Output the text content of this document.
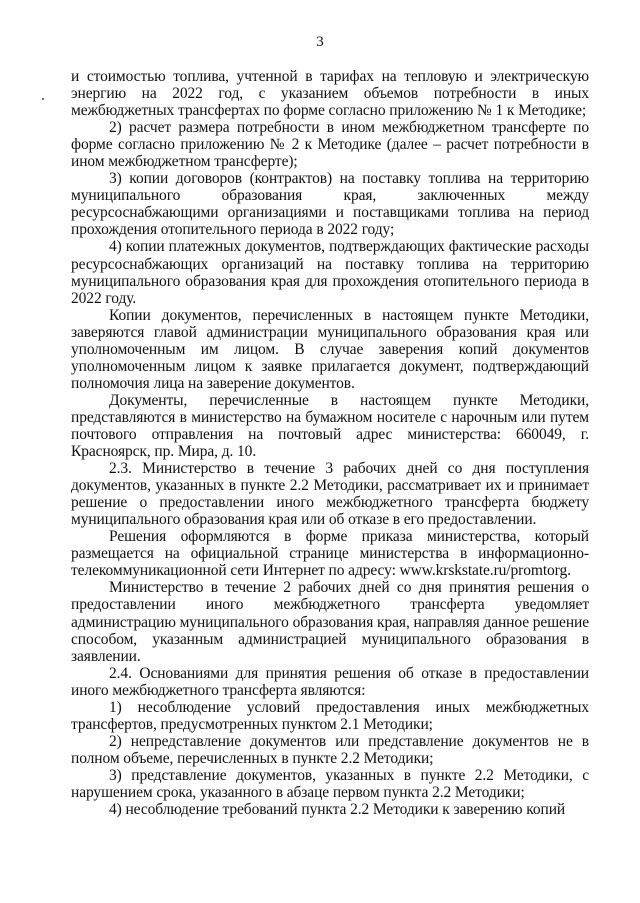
3

и стоимостью топлива, учтенной в тарифах на тепловую и электрическую энергию на 2022 год, с указанием объемов потребности в иных межбюджетных трансфертах по форме согласно приложению № 1 к Методике;

2) расчет размера потребности в ином межбюджетном трансферте по форме согласно приложению № 2 к Методике (далее – расчет потребности в ином межбюджетном трансферте);

3) копии договоров (контрактов) на поставку топлива на территорию муниципального образования края, заключенных между ресурсоснабжающими организациями и поставщиками топлива на период прохождения отопительного периода в 2022 году;

4) копии платежных документов, подтверждающих фактические расходы ресурсоснабжающих организаций на поставку топлива на территорию муниципального образования края для прохождения отопительного периода в 2022 году.

Копии документов, перечисленных в настоящем пункте Методики, заверяются главой администрации муниципального образования края или уполномоченным им лицом. В случае заверения копий документов уполномоченным лицом к заявке прилагается документ, подтверждающий полномочия лица на заверение документов.

Документы, перечисленные в настоящем пункте Методики, представляются в министерство на бумажном носителе с нарочным или путем почтового отправления на почтовый адрес министерства: 660049, г. Красноярск, пр. Мира, д. 10.

2.3. Министерство в течение 3 рабочих дней со дня поступления документов, указанных в пункте 2.2 Методики, рассматривает их и принимает решение о предоставлении иного межбюджетного трансферта бюджету муниципального образования края или об отказе в его предоставлении.

Решения оформляются в форме приказа министерства, который размещается на официальной странице министерства в информационно-телекоммуникационной сети Интернет по адресу: www.krskstate.ru/promtorg.

Министерство в течение 2 рабочих дней со дня принятия решения о предоставлении иного межбюджетного трансферта уведомляет администрацию муниципального образования края, направляя данное решение способом, указанным администрацией муниципального образования в заявлении.

2.4. Основаниями для принятия решения об отказе в предоставлении иного межбюджетного трансферта являются:

1) несоблюдение условий предоставления иных межбюджетных трансфертов, предусмотренных пунктом 2.1 Методики;

2) непредставление документов или представление документов не в полном объеме, перечисленных в пункте 2.2 Методики;

3) представление документов, указанных в пункте 2.2 Методики, с нарушением срока, указанного в абзаце первом пункта 2.2 Методики;

4) несоблюдение требований пункта 2.2 Методики к заверению копий
